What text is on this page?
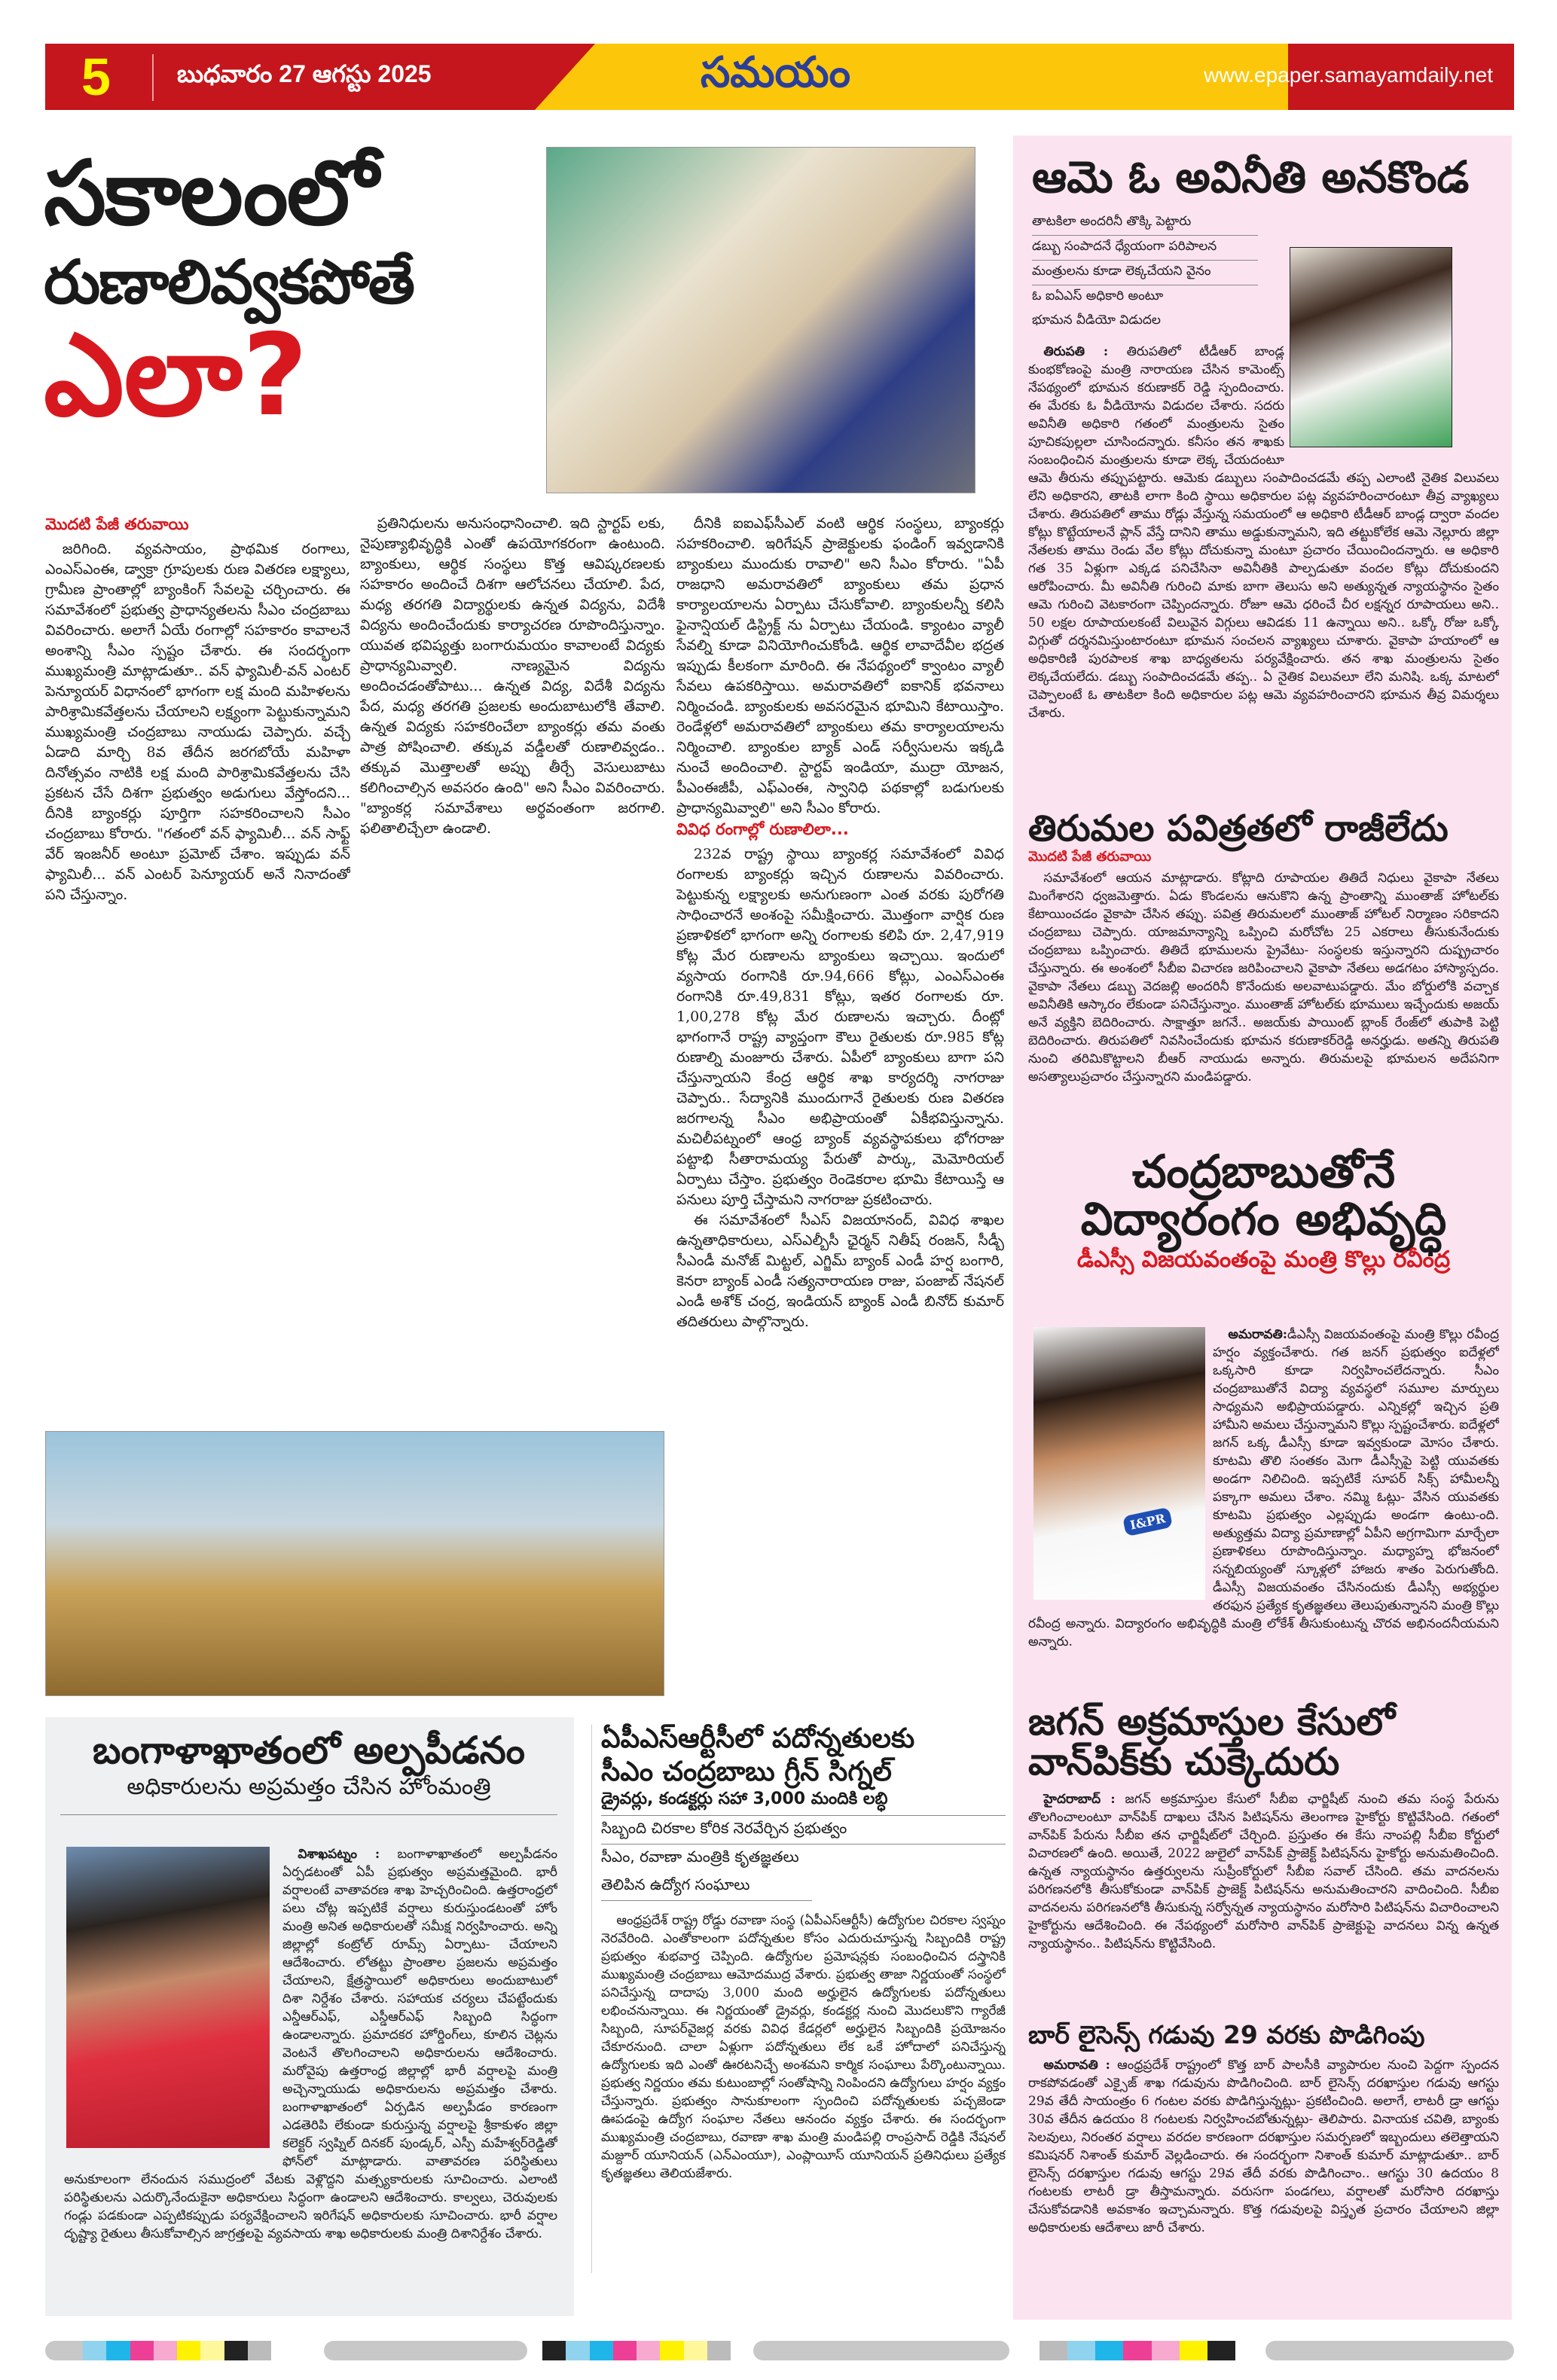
5	బుధవారం 27 ఆగస్టు 2025	సమయం	www.epaper.samayamdaily.net
సకాలంలో
రుణాలివ్వకపోతే
ఎలా?
మొదటి పేజీ తరువాయి

జరిగింది. వ్యవసాయం, ప్రాథమిక రంగాలు, ఎంఎస్ఎంఈ, డ్వాక్రా గ్రూపులకు రుణ వితరణ లక్ష్యాలు, గ్రామీణ ప్రాంతాల్లో బ్యాంకింగ్ సేవలపై చర్చించారు. ఈ సమావేశంలో ప్రభుత్వ ప్రాధాన్యతలను సీఎం చంద్రబాబు వివరించారు. అలాగే ఏయే రంగాల్లో సహకారం కావాలనే అంశాన్ని సీఎం స్పష్టం చేశారు. ఈ సందర్భంగా ముఖ్యమంత్రి మాట్లాడుతూ.. వన్ ఫ్యామిలీ-వన్ ఎంటర్ పెన్యూయర్ విధానంలో భాగంగా లక్ష మంది మహిళలను పారిశ్రామికవేత్తలను చేయాలని లక్ష్యంగా పెట్టుకున్నామని ముఖ్యమంత్రి చంద్రబాబు నాయుడు చెప్పారు. వచ్చే ఏడాది మార్చి 8వ తేదీన జరగబోయే మహిళా దినోత్సవం నాటికి లక్ష మంది పారిశ్రామికవేత్తలను చేసి ప్రకటన చేసే దిశగా ప్రభుత్వం అడుగులు వేస్తోందని... దీనికి బ్యాంకర్లు పూర్తిగా సహకరించాలని సీఎం చంద్రబాబు కోరారు. "గతంలో వన్ ఫ్యామిలీ... వన్ సాఫ్ట్ వేర్ ఇంజనీర్ అంటూ ప్రమోట్ చేశాం. ఇప్పుడు వన్ ఫ్యామిలీ... వన్ ఎంటర్ పెన్యూయర్ అనే నినాదంతో పని చేస్తున్నాం.

ప్రతినిధులను అనుసంధానించాలి. ఇది స్టార్టప్ లకు, నైపుణ్యాభివృద్ధికి ఎంతో ఉపయోగకరంగా ఉంటుంది. బ్యాంకులు, ఆర్థిక సంస్థలు కొత్త ఆవిష్కరణలకు సహకారం అందించే దిశగా ఆలోచనలు చేయాలి. పేద, మధ్య తరగతి విద్యార్థులకు ఉన్నత విద్యను, విదేశీ విద్యను అందించేందుకు కార్యాచరణ రూపొందిస్తున్నాం. యువత భవిష్యత్తు బంగారుమయం కావాలంటే విద్యకు ప్రాధాన్యమివ్వాలి. నాణ్యమైన విద్యను అందించడంతోపాటు... ఉన్నత విద్య, విదేశీ విద్యను పేద, మధ్య తరగతి ప్రజలకు అందుబాటులోకి తేవాలి. ఉన్నత విద్యకు సహకరించేలా బ్యాంకర్లు తమ వంతు పాత్ర పోషించాలి. తక్కువ వడ్డీలతో రుణాలివ్వడం.. తక్కువ మొత్తాలతో అప్పు తీర్చే వెసులుబాటు కలిగించాల్సిన అవసరం ఉంది" అని సీఎం వివరించారు. "బ్యాంకర్ల సమావేశాలు అర్థవంతంగా జరగాలి. ఫలితాలిచ్చేలా ఉండాలి.

దీనికి ఐఐఎఫ్‌సీఎల్ వంటి ఆర్థిక సంస్థలు, బ్యాంకర్లు సహకరించాలి. ఇరిగేషన్ ప్రాజెక్టులకు ఫండింగ్ ఇవ్వడానికి బ్యాంకులు ముందుకు రావాలి" అని సీఎం కోరారు. "ఏపీ రాజధాని అమరావతిలో బ్యాంకులు తమ ప్రధాన కార్యాలయాలను ఏర్పాటు చేసుకోవాలి. బ్యాంకులన్నీ కలిసి ఫైనాన్షియల్ డిస్ట్రిక్ట్ ను ఏర్పాటు చేయండి. క్యాంటం వ్యాలీ సేవల్ని కూడా వినియోగించుకోండి. ఆర్థిక లావాదేవీల భద్రత ఇప్పుడు కీలకంగా మారింది. ఈ నేపథ్యంలో క్వాంటం వ్యాలీ సేవలు ఉపకరిస్తాయి. అమరావతిలో ఐకానిక్ భవనాలు నిర్మించండి. బ్యాంకులకు అవసరమైన భూమిని కేటాయిస్తాం. రెండేళ్లలో అమరావతిలో బ్యాంకులు తమ కార్యాలయాలను నిర్మించాలి. బ్యాంకుల బ్యాక్ ఎండ్ సర్వీసులను ఇక్కడి నుంచే అందించాలి. స్టార్టప్ ఇండియా, ముద్రా యోజన, పీఎంఈజీపీ, ఎఫ్ఎంఈ, స్వానిధి పథకాల్లో బడుగులకు ప్రాధాన్యమివ్వాలి" అని సీఎం కోరారు.

వివిధ రంగాల్లో రుణాలిలా...

232వ రాష్ట్ర స్థాయి బ్యాంకర్ల సమావేశంలో వివిధ రంగాలకు బ్యాంకర్లు ఇచ్చిన రుణాలను వివరించారు. పెట్టుకున్న లక్ష్యాలకు అనుగుణంగా ఎంత వరకు పురోగతి సాధించారనే అంశంపై సమీక్షించారు. మొత్తంగా వార్షిక రుణ ప్రణాళికలో భాగంగా అన్ని రంగాలకు కలిపి రూ. 2,47,919 కోట్ల మేర రుణాలను బ్యాంకులు ఇచ్చాయి. ఇందులో వ్యసాయ రంగానికి రూ.94,666 కోట్లు, ఎంఎస్ఎంఈ రంగానికి రూ.49,831 కోట్లు, ఇతర రంగాలకు రూ. 1,00,278 కోట్ల మేర రుణాలను ఇచ్చారు. దీంట్లో భాగంగానే రాష్ట్ర వ్యాప్తంగా కౌలు రైతులకు రూ.985 కోట్ల రుణాల్ని మంజూరు చేశారు. ఏపీలో బ్యాంకులు బాగా పని చేస్తున్నాయని కేంద్ర ఆర్థిక శాఖ కార్యదర్శి నాగరాజు చెప్పారు.. సేద్యానికి ముందుగానే రైతులకు రుణ వితరణ జరగాలన్న సీఎం అభిప్రాయంతో ఏకీభవిస్తున్నాను. మచిలీపట్నంలో ఆంధ్ర బ్యాంక్ వ్యవస్థాపకులు భోగరాజు పట్టాభి సీతారామయ్య పేరుతో పార్కు, మెమోరియల్ ఏర్పాటు చేస్తాం. ప్రభుత్వం రెండెకరాల భూమి కేటాయిస్తే ఆ పనులు పూర్తి చేస్తామని నాగరాజు ప్రకటించారు.

ఈ సమావేశంలో సీఎస్ విజయానంద్, వివిధ శాఖల ఉన్నతాధికారులు, ఎస్ఎల్బీసీ ఛైర్మన్ నితీష్ రంజన్, సీడ్బీ సీఎండీ మనోజ్ మిట్టల్, ఎగ్జిమ్ బ్యాంక్ ఎండీ హర్ష బంగారి, కెనరా బ్యాంక్ ఎండీ సత్యనారాయణ రాజు, పంజాబ్ నేషనల్ ఎండీ అశోక్ చంద్ర, ఇండియన్ బ్యాంక్ ఎండీ బినోద్ కుమార్ తదితరులు పాల్గొన్నారు.

ఆమె ఓ అవినీతి అనకొండ
తాటకిలా అందరినీ తొక్కి పెట్టారు
డబ్బు సంపాదనే ధ్యేయంగా పరిపాలన
మంత్రులను కూడా లెక్కచేయని వైనం
ఓ ఐఏఎస్ అధికారి అంటూ
భూమన వీడియో విడుదల

తిరుపతి : తిరుపతిలో టీడీఆర్ బాండ్ల కుంభకోణంపై మంత్రి నారాయణ చేసిన కామెంట్స్ నేపథ్యంలో భూమన కరుణాకర్ రెడ్డి స్పందించారు. ఈ మేరకు ఓ వీడియోను విడుదల చేశారు. సదరు అవినీతి అధికారి గతంలో మంత్రులను సైతం పూచికపుల్లలా చూసిందన్నారు. కనీసం తన శాఖకు సంబంధించిన మంత్రులను కూడా లెక్క చేయదంటూ ఆమె తీరును తప్పుపట్టారు. ఆమెకు డబ్బులు సంపాదించడమే తప్ప ఎలాంటి నైతిక విలువలు లేని అధికారని, తాటకి లాగా కింది స్థాయి అధికారుల పట్ల వ్యవహరించారంటూ తీవ్ర వ్యాఖ్యలు చేశారు. తిరుపతిలో తాము రోడ్లు వేస్తున్న సమయంలో ఆ అధికారి టీడీఆర్ బాండ్ల ద్వారా వందల కోట్లు కొట్టేయాలనే ప్లాన్ వేస్తే దానిని తాము అడ్డుకున్నామని, ఇది తట్టుకోలేక ఆమె నెల్లూరు జిల్లా నేతలకు తాము రెండు వేల కోట్లు దోచుకున్నా మంటూ ప్రచారం చేయించిందన్నారు. ఆ అధికారి గత 35 ఏళ్లుగా ఎక్కడ పనిచేసినా అవినీతికి పాల్పడుతూ వందల కోట్లు దోచుకుందని ఆరోపించారు. మీ అవినీతి గురించి మాకు బాగా తెలుసు అని అత్యున్నత న్యాయస్థానం సైతం ఆమె గురించి వెటకారంగా చెప్పిందన్నారు. రోజూ ఆమె ధరించే చీర లక్షన్నర రూపాయలు అని.. 50 లక్షల రూపాయలకంటే విలువైన విగ్గులు ఆవిడకు 11 ఉన్నాయి అని.. ఒక్కో రోజు ఒక్కో విగ్గుతో దర్శనమిస్తుంటారంటూ భూమన సంచలన వ్యాఖ్యలు చూశారు. వైకాపా హయాంలో ఆ అధికారిణి పురపాలక శాఖ బాధ్యతలను పర్యవేక్షించారు. తన శాఖ మంత్రులను సైతం లెక్కచేయలేదు. డబ్బు సంపాదించడమే తప్ప.. ఏ నైతిక విలువలూ లేని మనిషి. ఒక్క మాటలో చెప్పాలంటే ఓ తాటకిలా కింది అధికారుల పట్ల ఆమె వ్యవహరించారని భూమన తీవ్ర విమర్శలు చేశారు.

తిరుమల పవిత్రతలో రాజీలేదు
మొదటి పేజీ తరువాయి

సమావేశంలో ఆయన మాట్లాడారు. కోట్లాది రూపాయల తితిదే నిధులు వైకాపా నేతలు మింగేశారని ధ్వజమెత్తారు. ఏడు కొండలను ఆనుకొని ఉన్న ప్రాంతాన్ని ముంతాజ్ హోటల్‌కు కేటాయించడం వైకాపా చేసిన తప్పు. పవిత్ర తిరుమలలో ముంతాజ్ హోటల్ నిర్మాణం సరికాదని చంద్రబాబు చెప్పారు. యాజమాన్యాన్ని ఒప్పించి మరోచోట 25 ఎకరాలు తీసుకునేందుకు చంద్రబాబు ఒప్పించారు. తితిదే భూములను ప్రైవేటు- సంస్థలకు ఇస్తున్నారని దుష్ప్రచారం చేస్తున్నారు. ఈ అంశంలో సీబీఐ విచారణ జరిపించాలని వైకాపా నేతలు అడగటం హాస్యాస్పదం. వైకాపా నేతలు డబ్బు వెదజల్లి అందరినీ కొనేందుకు అలవాటుపడ్డారు. మేం బోర్డులోకి వచ్చాక అవినీతికి ఆస్కారం లేకుండా పనిచేస్తున్నాం. ముంతాజ్ హోటల్‌కు భూములు ఇచ్చేందుకు అజయ్ అనే వ్యక్తిని బెదిరించారు. సాక్షాత్తూ జగనే.. అజయ్‌కు పాయింట్ బ్లాంక్ రేంజ్‌లో తుపాకి పెట్టి బెదిరించారు. తిరుపతిలో నివసించేందుకు భూమన కరుణాకర్‌రెడ్డి అనర్హుడు. అతన్ని తిరుపతి నుంచి తరిమికొట్టాలని బీఆర్ నాయుడు అన్నారు. తిరుమలపై భూమలన అదేపనిగా అసత్యాలుప్రచారం చేస్తున్నారని మండిపడ్డారు.

చంద్రబాబుతోనే
విద్యారంగం అభివృద్ధి
డీఎస్సీ విజయవంతంపై మంత్రి కొల్లు రవీంద్ర
I&PR

అమరావతి:డీఎస్సీ విజయవంతంపై మంత్రి కొల్లు రవీంద్ర హర్షం వ్యక్తంచేశారు. గత జనగ్ ప్రభుత్వం ఐదేళ్లలో ఒక్కసారి కూడా నిర్వహించలేదన్నారు. సీఎం చంద్రబాబుతోనే విద్యా వ్యవస్థలో సమూల మార్పులు సాధ్యమని అభిప్రాయపడ్డారు. ఎన్నికల్లో ఇచ్చిన ప్రతి హామీని అమలు చేస్తున్నామని కొల్లు స్పష్టంచేశారు. ఐదేళ్లలో జగన్ ఒక్క డీఎస్సీ కూడా ఇవ్వకుండా మోసం చేశారు. కూటమి తొలి సంతకం మెగా డీఎస్సీపై పెట్టి యువతకు అండగా నిలిచింది. ఇప్పటికే సూపర్ సిక్స్ హామీలన్నీ పక్కాగా అమలు చేశాం. నమ్మి ఓట్లు- వేసిన యువతకు కూటమి ప్రభుత్వం ఎల్లప్పుడు అండగా ఉంటు-ంది. అత్యుత్తమ విద్యా ప్రమాణాల్లో ఏపీని అగ్రగామిగా మార్చేలా ప్రణాళికలు రూపొందిస్తున్నాం. మధ్యాహ్న భోజనంలో సన్నబియ్యంతో స్కూళ్లలో హాజరు శాతం పెరుగుతోంది. డీఎస్సీ విజయవంతం చేసినందుకు డీఎస్సీ అభ్యర్థుల తరఫున ప్రత్యేక కృతజ్ఞతలు తెలుపుతున్నానని మంత్రి కొల్లు రవీంద్ర అన్నారు. విద్యారంగం అభివృద్ధికి మంత్రి లోకేశ్ తీసుకుంటున్న చొరవ అభినందనీయమని అన్నారు.

జగన్ అక్రమాస్తుల కేసులో
వాన్‌పిక్‌కు చుక్కెదురు

హైదరాబాద్ : జగన్ అక్రమాస్తుల కేసులో సీబీఐ ఛార్జిషీట్ నుంచి తమ సంస్థ పేరును తొలగించాలంటూ వాన్‌పిక్ దాఖలు చేసిన పిటిషన్‌ను తెలంగాణ హైకోర్టు కొట్టివేసింది. గతంలో వాన్‌పిక్ పేరును సీబీఐ తన ఛార్జిషీట్‌లో చేర్చింది. ప్రస్తుతం ఈ కేసు నాంపల్లి సీబీఐ కోర్టులో విచారణలో ఉంది. అయితే, 2022 జులైలో వాన్‌పిక్ ప్రాజెక్ట్ పిటిషన్‌ను హైకోర్టు అనుమతించింది. ఉన్నత న్యాయస్థానం ఉత్తర్వులను సుప్రీంకోర్టులో సీబీఐ సవాల్ చేసింది. తమ వాదనలను పరిగణనలోకి తీసుకోకుండా వాన్‌పిక్ ప్రాజెక్ట్ పిటిషన్‌ను అనుమతించారని వాదించింది. సీబీఐ వాదనలను పరిగణనలోకి తీసుకున్న సర్వోన్నత న్యాయస్థానం మరోసారి పిటిషన్‌ను విచారించాలని హైకోర్టును ఆదేశించింది. ఈ నేపథ్యంలో మరోసారి వాన్‌పిక్ ప్రాజెక్టుపై వాదనలు విన్న ఉన్నత న్యాయస్థానం.. పిటిషన్‌ను కొట్టివేసింది.

బార్ లైసెన్స్ గడువు 29 వరకు పొడిగింపు

అమరావతి : ఆంధ్రప్రదేశ్ రాష్ట్రంలో కొత్త బార్ పాలసీకి వ్యాపారుల నుంచి పెద్దగా స్పందన రాకపోవడంతో ఎక్సైజ్ శాఖ గడువును పొడిగించింది. బార్ లైసెన్స్ దరఖాస్తుల గడువు ఆగస్టు 29వ తేదీ సాయంత్రం 6 గంటల వరకు పొడిగిస్తున్నట్లు- ప్రకటించింది. అలాగే, లాటరీ డ్రా ఆగస్టు 30వ తేదీన ఉదయం 8 గంటలకు నిర్వహించబోతున్నట్లు- తెలిపారు. వినాయక చవితి, బ్యాంకు సెలవులు, నిరంతర వర్షాలు వరదల కారణంగా దరఖాస్తుల సమర్పణలో ఇబ్బందులు తలెత్తాయని కమిషనర్ నిశాంత్ కుమార్ వెల్లడించారు. ఈ సందర్భంగా నిశాంత్ కుమార్ మాట్లాడుతూ.. బార్ లైసెన్స్ దరఖాస్తుల గడువు ఆగస్టు 29వ తేదీ వరకు పొడిగించాం.. ఆగస్టు 30 ఉదయం 8 గంటలకు లాటరీ డ్రా తీస్తామన్నారు. వరుసగా పండగలు, వర్షాలతో మరోసారి దరఖాస్తు చేసుకోవడానికి అవకాశం ఇచ్చామన్నారు. కొత్త గడువులపై విస్తృత ప్రచారం చేయాలని జిల్లా అధికారులకు ఆదేశాలు జారీ చేశారు.

బంగాళాఖాతంలో అల్పపీడనం
అధికారులను అప్రమత్తం చేసిన హోంమంత్రి

విశాఖపట్నం : బంగాళాఖాతంలో అల్పపీడనం ఏర్పడటంతో ఏపీ ప్రభుత్వం అప్రమత్తమైంది. భారీ వర్షాలంటే వాతావరణ శాఖ హెచ్చరించింది. ఉత్తరాంధ్రలో పలు చోట్ల ఇప్పటికే వర్షాలు కురుస్తుండటంతో హోం మంత్రి అనిత అధికారులతో సమీక్ష నిర్వహించారు. అన్ని జిల్లాల్లో కంట్రోల్ రూమ్స్ ఏర్పాటు- చేయాలని ఆదేశించారు. లోతట్టు ప్రాంతాల ప్రజలను అప్రమత్తం చేయాలని, క్షేత్రస్థాయిలో అధికారులు అందుబాటులో దిశా నిర్దేశం చేశారు. సహాయక చర్యలు చేపట్టేందుకు ఎన్డీఆర్ఎఫ్, ఎస్డీఆర్ఎఫ్ సిబ్బంది సిద్ధంగా ఉండాలన్నారు. ప్రమాదకర హోర్డింగ్‌లు, కూలిన చెట్లను వెంటనే తొలగించాలని అధికారులను ఆదేశించారు. మరోవైపు ఉత్తరాంధ్ర జిల్లాల్లో భారీ వర్షాలపై మంత్రి అచ్చెన్నాయుడు అధికారులను అప్రమత్తం చేశారు. బంగాళాఖాతంలో ఏర్పడిన అల్పపీడం కారణంగా ఎడతెరిపి లేకుండా కురుస్తున్న వర్షాలపై శ్రీకాకుళం జిల్లా కలెక్టర్ స్వప్నిల్ దినకర్ పుండ్కర్, ఎస్పీ మహేశ్వర్‌రెడ్డితో ఫోన్‌లో మాట్లాడారు. వాతావరణ పరిస్థితులు అనుకూలంగా లేనందున సముద్రంలో వేటకు వెళ్లొద్దని మత్స్యకారులకు సూచించారు. ఎలాంటి పరిస్థితులను ఎదుర్కొనేందుకైనా అధికారులు సిద్ధంగా ఉండాలని ఆదేశించారు. కాల్వలు, చెరువులకు గండ్లు పడకుండా ఎప్పటికప్పుడు పర్యవేక్షించాలని ఇరిగేషన్ అధికారులకు సూచించారు. భారీ వర్షాల దృష్ట్యా రైతులు తీసుకోవాల్సిన జాగ్రత్తలపై వ్యవసాయ శాఖ అధికారులకు మంత్రి దిశానిర్దేశం చేశారు.

ఏపీఎస్ఆర్టీసీలో పదోన్నతులకు
సీఎం చంద్రబాబు గ్రీన్ సిగ్నల్
డ్రైవర్లు, కండక్టర్లు సహా 3,000 మందికి లబ్ధి
సిబ్బంది చిరకాల కోరిక నెరవేర్చిన ప్రభుత్వం
సీఎం, రవాణా మంత్రికి కృతజ్ఞతలు
తెలిపిన ఉద్యోగ సంఘాలు

ఆంధ్రప్రదేశ్ రాష్ట్ర రోడ్డు రవాణా సంస్థ (ఏపీఎస్ఆర్టీసీ) ఉద్యోగుల చిరకాల స్వప్నం నెరవేరింది. ఎంతోకాలంగా పదోన్నతుల కోసం ఎదురుచూస్తున్న సిబ్బందికి రాష్ట్ర ప్రభుత్వం శుభవార్త చెప్పింది. ఉద్యోగుల ప్రమోషన్లకు సంబంధించిన దస్త్రానికి ముఖ్యమంత్రి చంద్రబాబు ఆమోదముద్ర వేశారు. ప్రభుత్వ తాజా నిర్ణయంతో సంస్థలో పనిచేస్తున్న దాదాపు 3,000 మంది అర్హులైన ఉద్యోగులకు పదోన్నతులు లభించనున్నాయి. ఈ నిర్ణయంతో డ్రైవర్లు, కండక్టర్ల నుంచి మొదలుకొని గ్యారేజీ సిబ్బంది, సూపర్‌వైజర్ల వరకు వివిధ కేడర్లలో అర్హులైన సిబ్బందికి ప్రయోజనం చేకూరనుంది. చాలా ఏళ్లుగా పదోన్నతులు లేక ఒకే హోదాలో పనిచేస్తున్న ఉద్యోగులకు ఇది ఎంతో ఊరటనిచ్చే అంశమని కార్మిక సంఘాలు పేర్కొంటున్నాయి. ప్రభుత్వ నిర్ణయం తమ కుటుంబాల్లో సంతోషాన్ని నింపిందని ఉద్యోగులు హర్షం వ్యక్తం చేస్తున్నారు. ప్రభుత్వం సానుకూలంగా స్పందించి పదోన్నతులకు పచ్చజెండా ఊపడంపై ఉద్యోగ సంఘాల నేతలు ఆనందం వ్యక్తం చేశారు. ఈ సందర్భంగా ముఖ్యమంత్రి చంద్రబాబు, రవాణా శాఖ మంత్రి మండిపల్లి రాంప్రసాద్ రెడ్డికి నేషనల్ మజ్దూర్ యూనియన్ (ఎన్ఎంయూ), ఎంప్లాయీస్ యూనియన్ ప్రతినిధులు ప్రత్యేక కృతజ్ఞతలు తెలియజేశారు.
